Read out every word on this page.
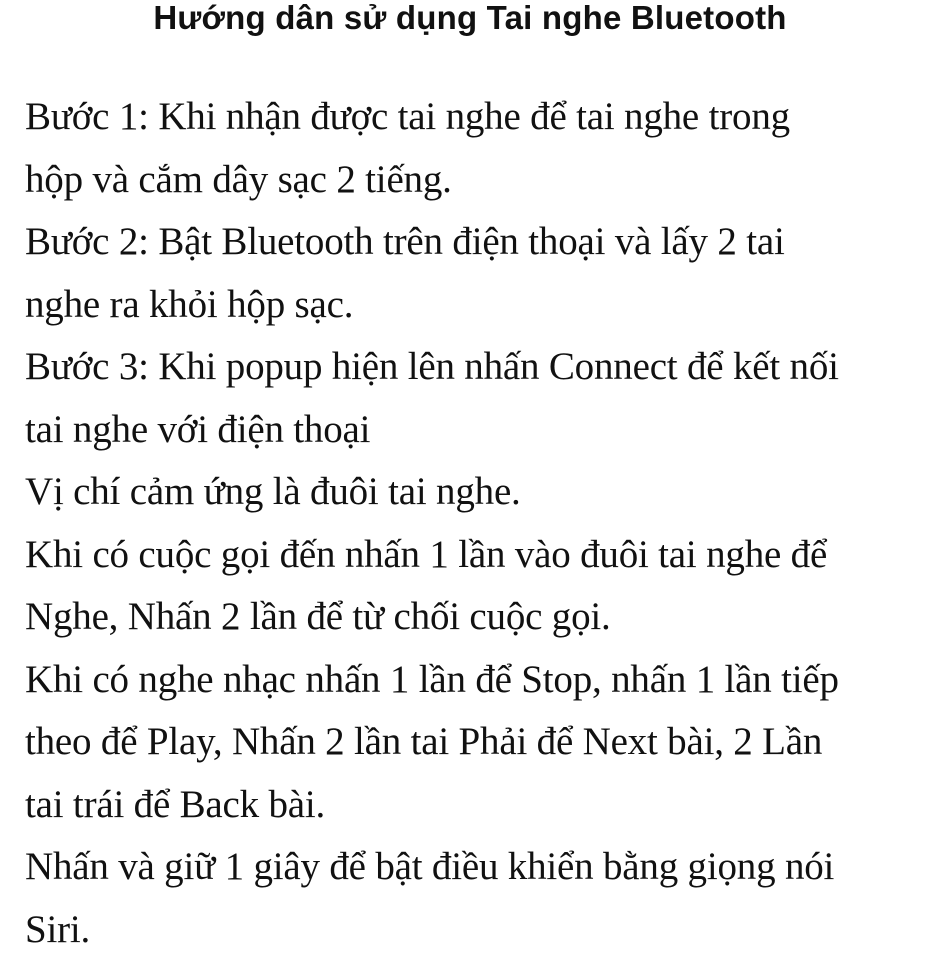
Hướng dân sử dụng Tai nghe Bluetooth
Bước 1: Khi nhận được tai nghe để tai nghe trong
hộp và cắm dây sạc 2 tiếng.
Bước 2: Bật Bluetooth trên điện thoại và lấy 2 tai
nghe ra khỏi hộp sạc.
Bước 3: Khi popup hiện lên nhấn Connect để kết nối
tai nghe với điện thoại
Vị chí cảm ứng là đuôi tai nghe.
Khi có cuộc gọi đến nhấn 1 lần vào đuôi tai nghe để
Nghe, Nhấn 2 lần để từ chối cuộc gọi.
Khi có nghe nhạc nhấn 1 lần để Stop, nhấn 1 lần tiếp
theo để Play, Nhấn 2 lần tai Phải để Next bài, 2 Lần
tai trái để Back bài.
Nhấn và giữ 1 giây để bật điều khiển bằng giọng nói
Siri.
